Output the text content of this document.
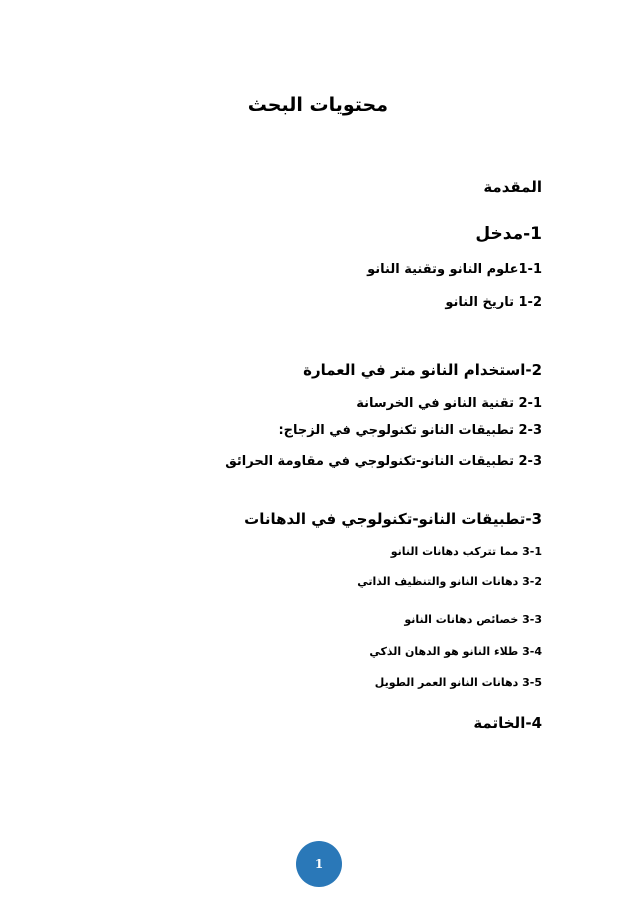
محتويات البحث
المقدمة
1-مدخل
1-1علوم النانو وتقنية النانو
1-2 تاريخ النانو
2-استخدام النانو متر في العمارة
2-1 تقنية النانو في الخرسانة
2-3 تطبيقات النانو تكنولوجي في الزجاج:
2-3 تطبيقات النانو-تكنولوجي في مقاومة الحرائق
3-تطبيقات النانو-تكنولوجي في الدهانات
3-1 مما تتركب دهانات النانو
3-2 دهانات النانو والتنظيف الذاتي
3-3 خصائص دهانات النانو
3-4 طلاء النانو هو الدهان الذكي
3-5 دهانات النانو العمر الطويل
4-الخاتمة
1
